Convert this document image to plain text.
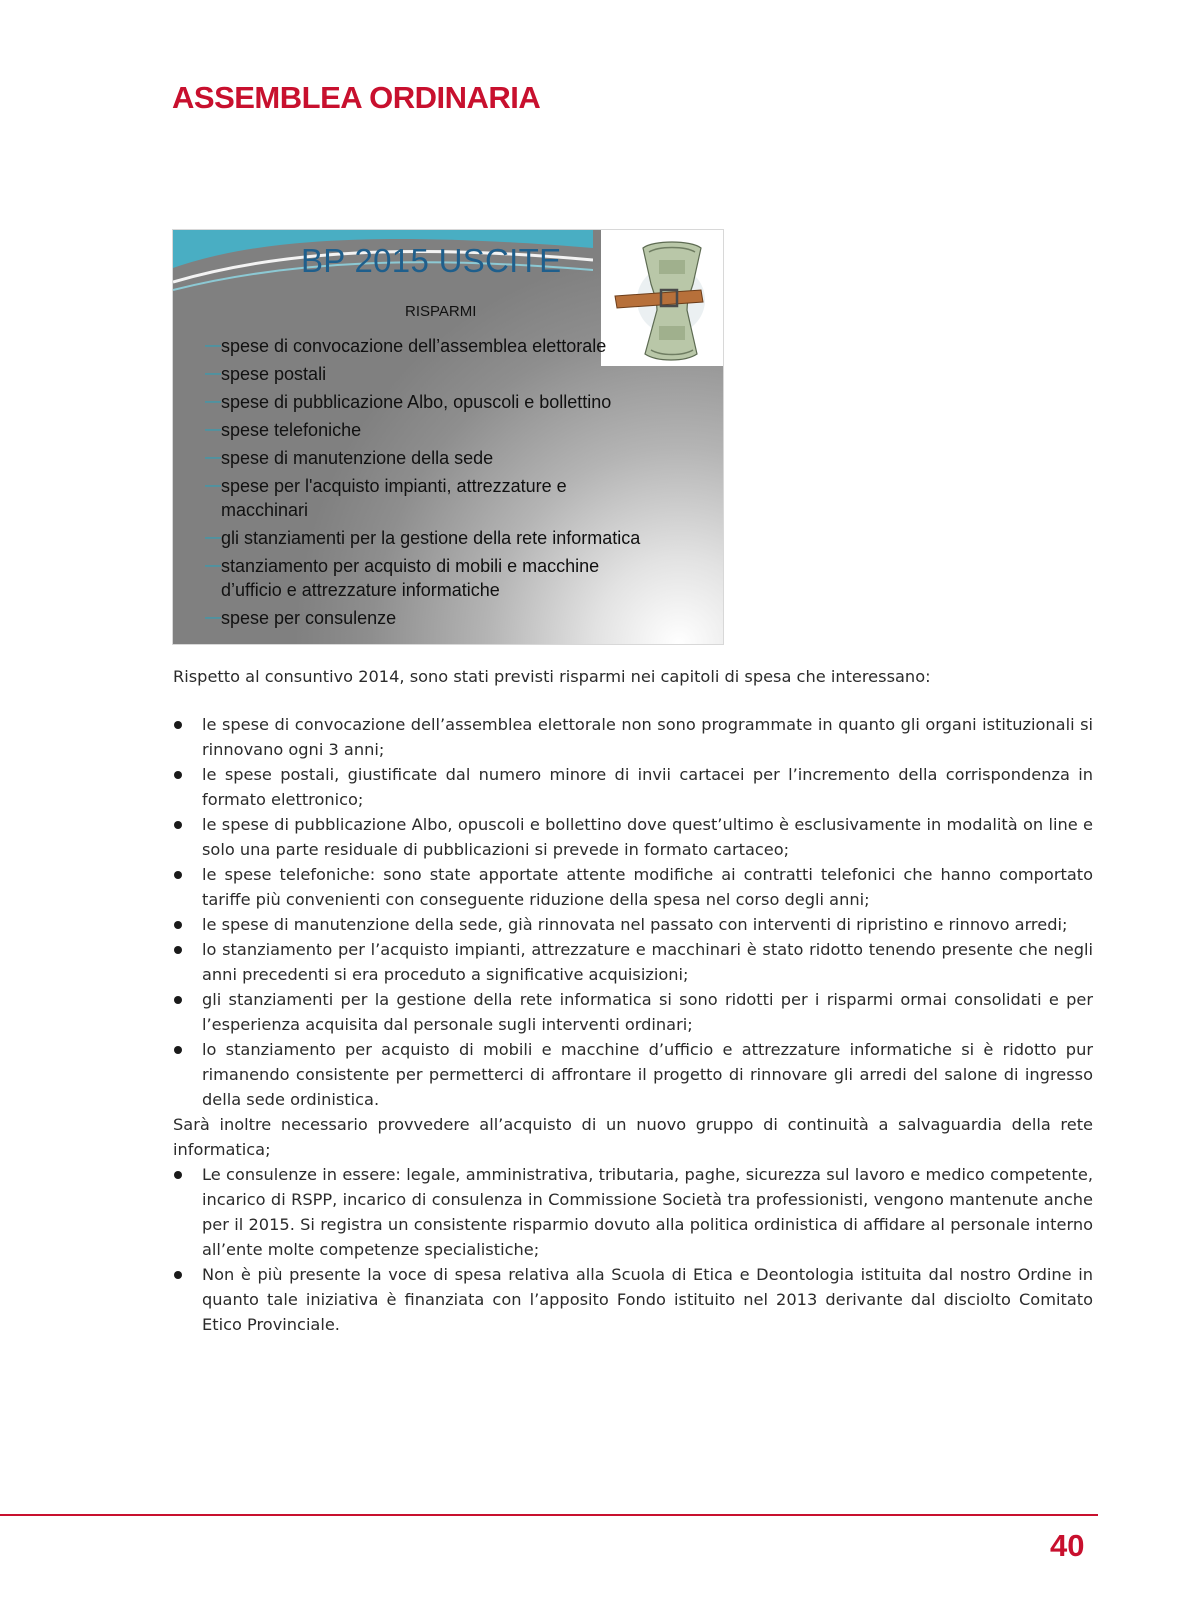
ASSEMBLEA ORDINARIA
BP 2015 USCITE
RISPARMI
— spese di convocazione dell’assemblea elettorale
— spese postali
— spese di pubblicazione Albo, opuscoli e bollettino
— spese telefoniche
— spese di manutenzione della sede
— spese per l'acquisto impianti, attrezzature e macchinari
— gli stanziamenti per la gestione della rete informatica
— stanziamento per acquisto di mobili e macchine d’ufficio e attrezzature informatiche
— spese per consulenze

Rispetto al consuntivo 2014, sono stati previsti risparmi nei capitoli di spesa che interessano:

le spese di convocazione dell’assemblea elettorale non sono programmate in quanto gli organi istituzionali si rinnovano ogni 3 anni;
le spese postali, giustificate dal numero minore di invii cartacei per l’incremento della corrispondenza in formato elettronico;
le spese di pubblicazione Albo, opuscoli e bollettino dove quest’ultimo è esclusivamente in modalità on line e solo una parte residuale di pubblicazioni si prevede in formato cartaceo;
le spese telefoniche: sono state apportate attente modifiche ai contratti telefonici che hanno comportato tariffe più convenienti con conseguente riduzione della spesa nel corso degli anni;
le spese di manutenzione della sede, già rinnovata nel passato con interventi di ripristino e rinnovo arredi;
lo stanziamento per l’acquisto impianti, attrezzature e macchinari è stato ridotto tenendo presente che negli anni precedenti si era proceduto a significative acquisizioni;
gli stanziamenti per la gestione della rete informatica si sono ridotti per i risparmi ormai consolidati e per l’esperienza acquisita dal personale sugli interventi ordinari;
lo stanziamento per acquisto di mobili e macchine d’ufficio e attrezzature informatiche si è ridotto pur rimanendo consistente per permetterci di affrontare il progetto di rinnovare gli arredi del salone di ingresso della sede ordinistica.

Sarà inoltre necessario provvedere all’acquisto di un nuovo gruppo di continuità a salvaguardia della rete informatica;

Le consulenze in essere: legale, amministrativa, tributaria, paghe, sicurezza sul lavoro e medico competente, incarico di RSPP, incarico di consulenza in Commissione Società tra professionisti, vengono mantenute anche per il 2015. Si registra un consistente risparmio dovuto alla politica ordinistica di affidare al personale interno all’ente molte competenze specialistiche;
Non è più presente la voce di spesa relativa alla Scuola di Etica e Deontologia istituita dal nostro Ordine in quanto tale iniziativa è finanziata con l’apposito Fondo istituito nel 2013 derivante dal disciolto Comitato Etico Provinciale.
40
